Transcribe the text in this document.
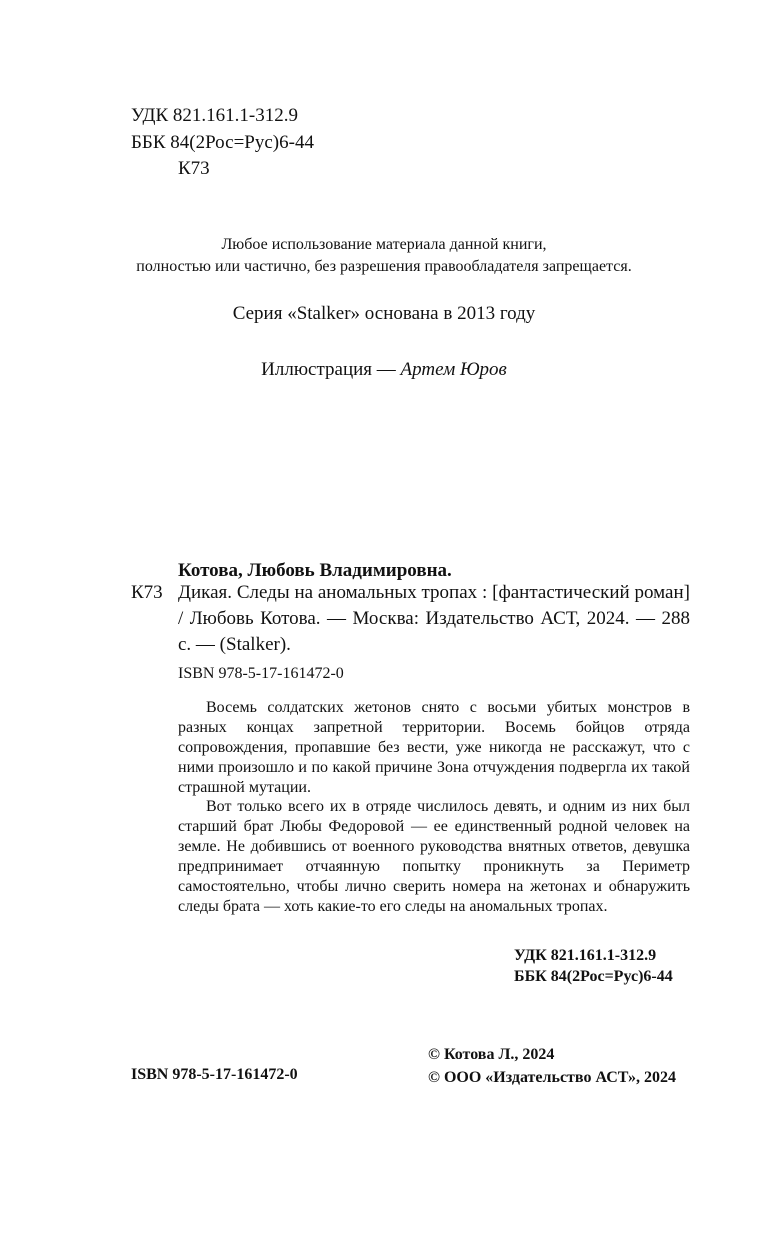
УДК 821.161.1-312.9
ББК 84(2Рос=Рус)6-44
К73
Любое использование материала данной книги,
полностью или частично, без разрешения правообладателя запрещается.
Серия «Stalker» основана в 2013 году
Иллюстрация — Артем Юров
Котова, Любовь Владимировна.
К73 Дикая. Следы на аномальных тропах : [фантастический роман] / Любовь Котова. — Москва: Издательство АСТ, 2024. — 288 с. — (Stalker).
ISBN 978-5-17-161472-0

Восемь солдатских жетонов снято с восьми убитых монстров в разных концах запретной территории. Восемь бойцов отряда сопровождения, пропавшие без вести, уже никогда не расскажут, что с ними произошло и по какой причине Зона отчуждения подвергла их такой страшной мутации.

Вот только всего их в отряде числилось девять, и одним из них был старший брат Любы Федоровой — ее единственный родной человек на земле. Не добившись от военного руководства внятных ответов, девушка предпринимает отчаянную попытку проникнуть за Периметр самостоятельно, чтобы лично сверить номера на жетонах и обнаружить следы брата — хоть какие-то его следы на аномальных тропах.

УДК 821.161.1-312.9
ББК 84(2Рос=Рус)6-44
© Котова Л., 2024
© ООО «Издательство АСТ», 2024
ISBN 978-5-17-161472-0
